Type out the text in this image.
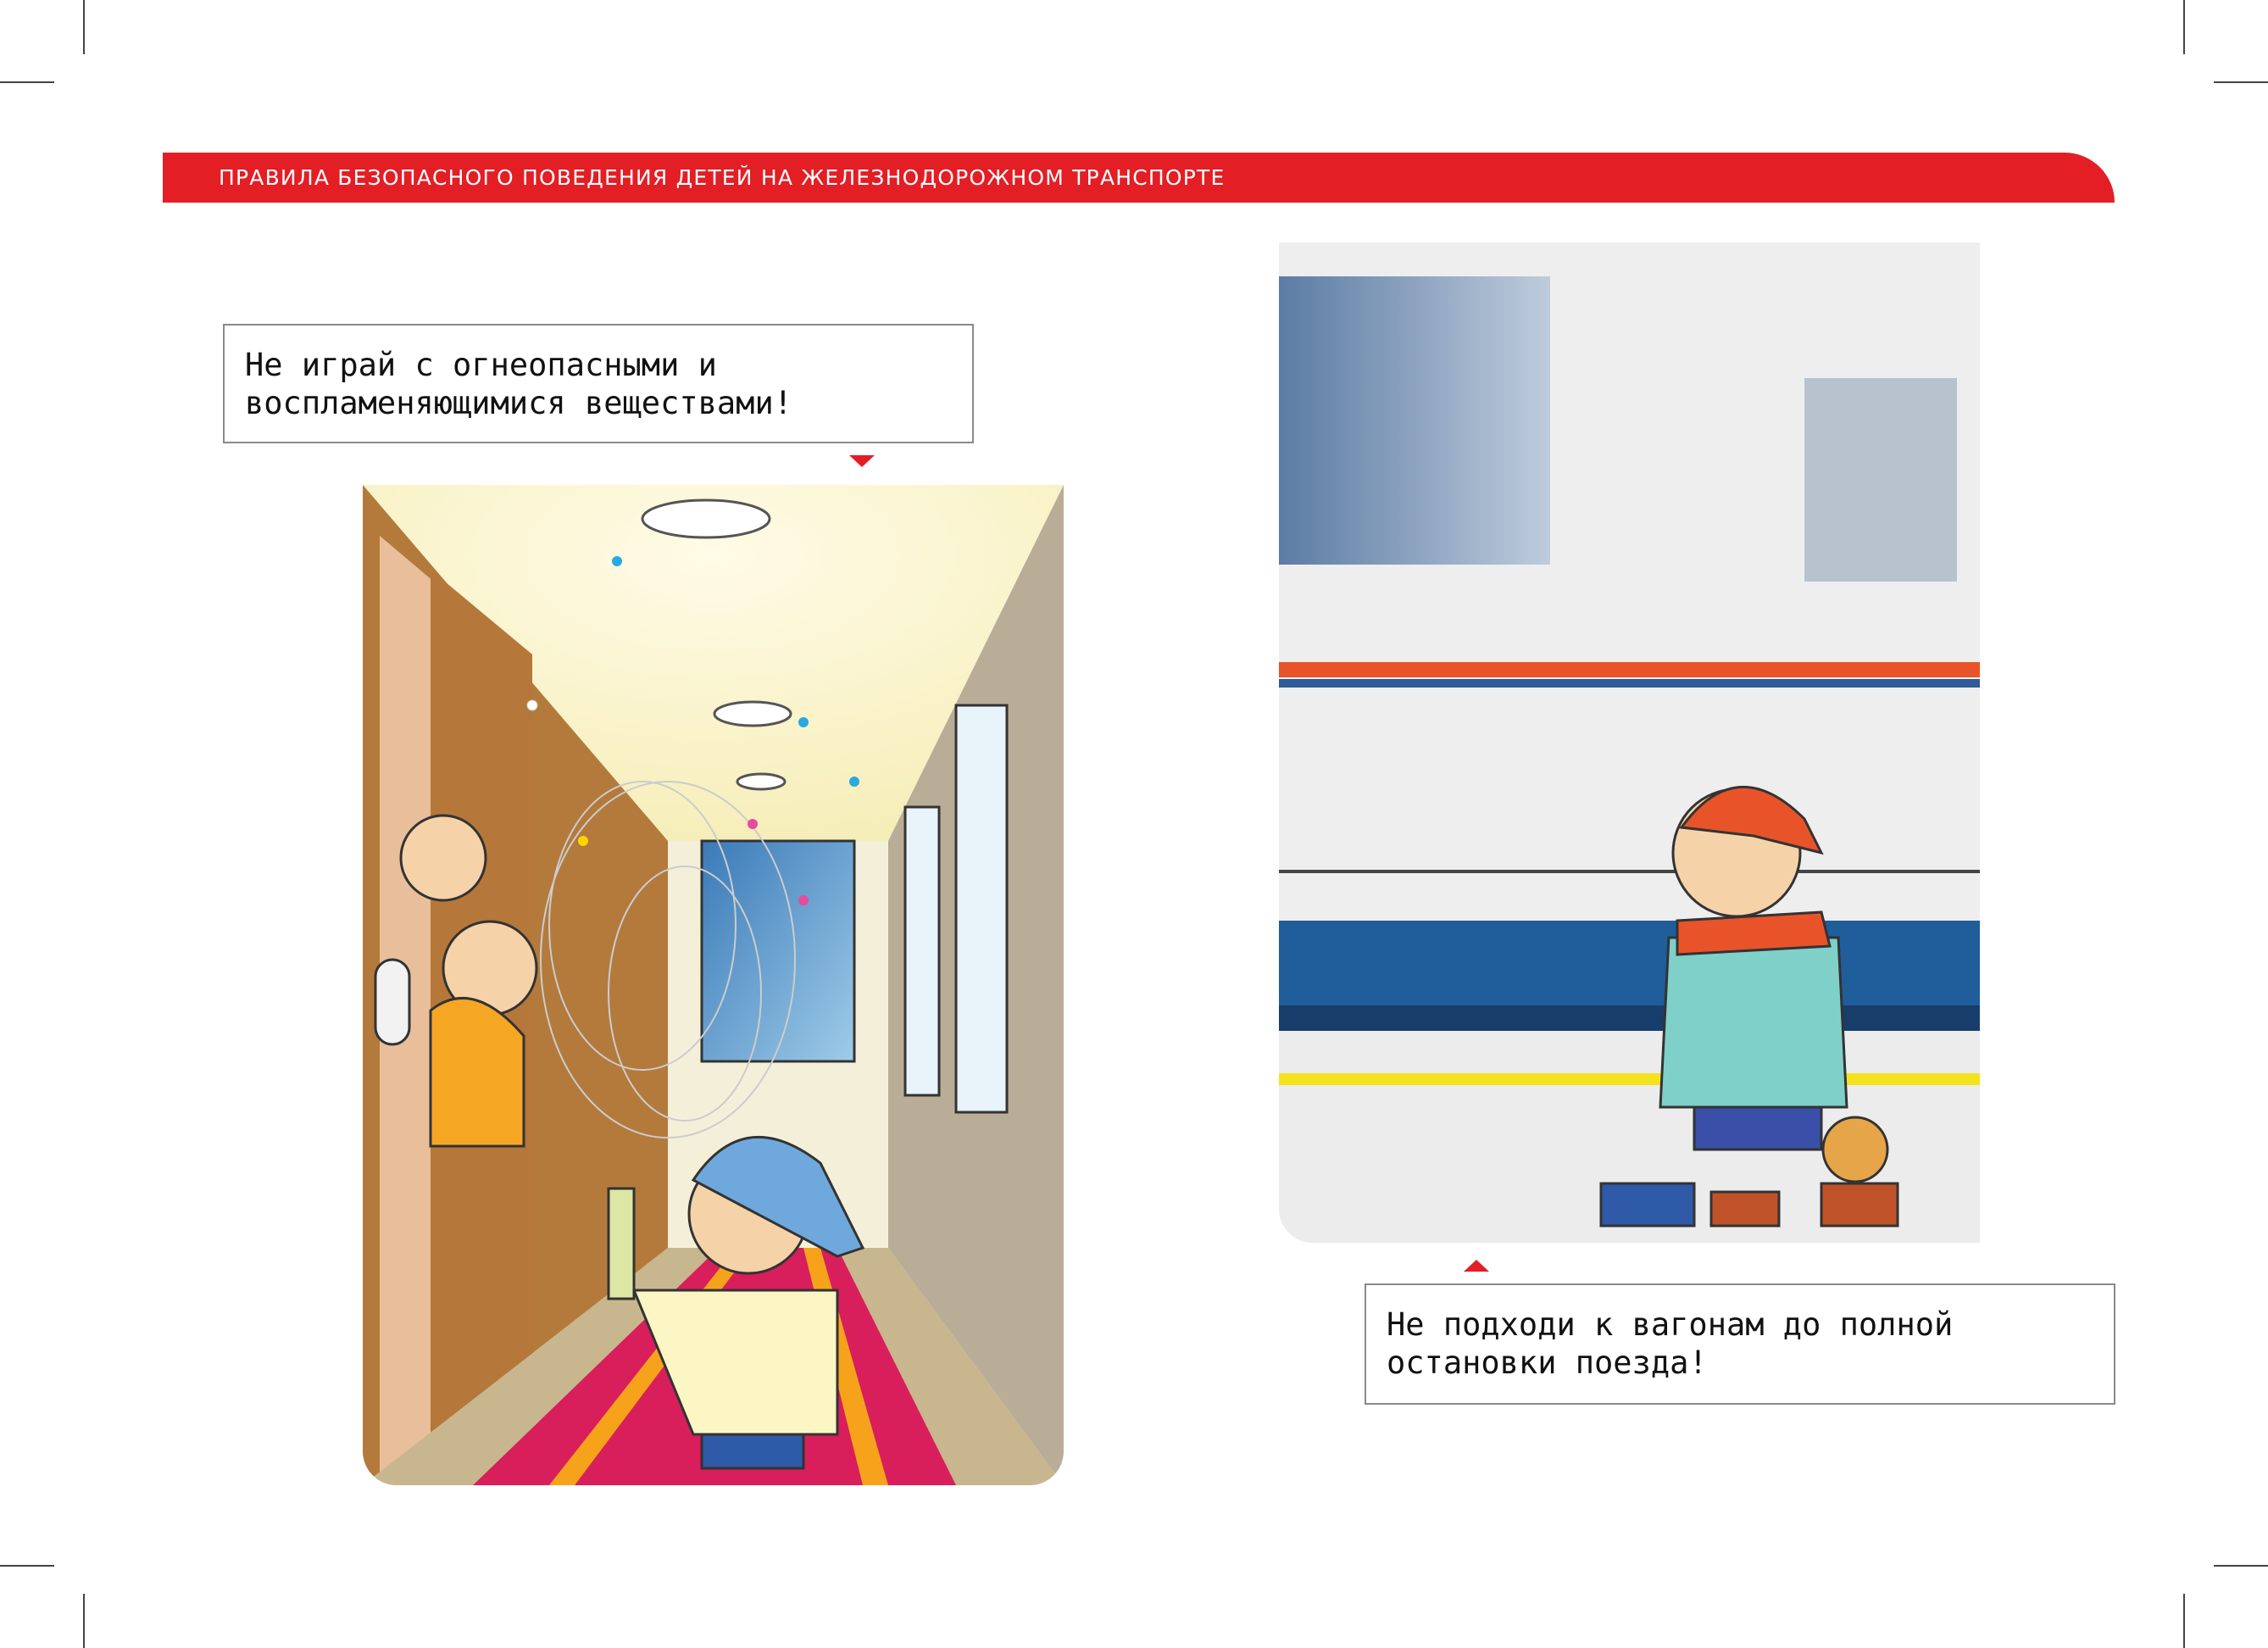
ПРАВИЛА БЕЗОПАСНОГО ПОВЕДЕНИЯ ДЕТЕЙ НА ЖЕЛЕЗНОДОРОЖНОМ ТРАНСПОРТЕ
Не играй с огнеопасными и
воспламеняющимися веществами!
Не подходи к вагонам до полной
остановки поезда!
